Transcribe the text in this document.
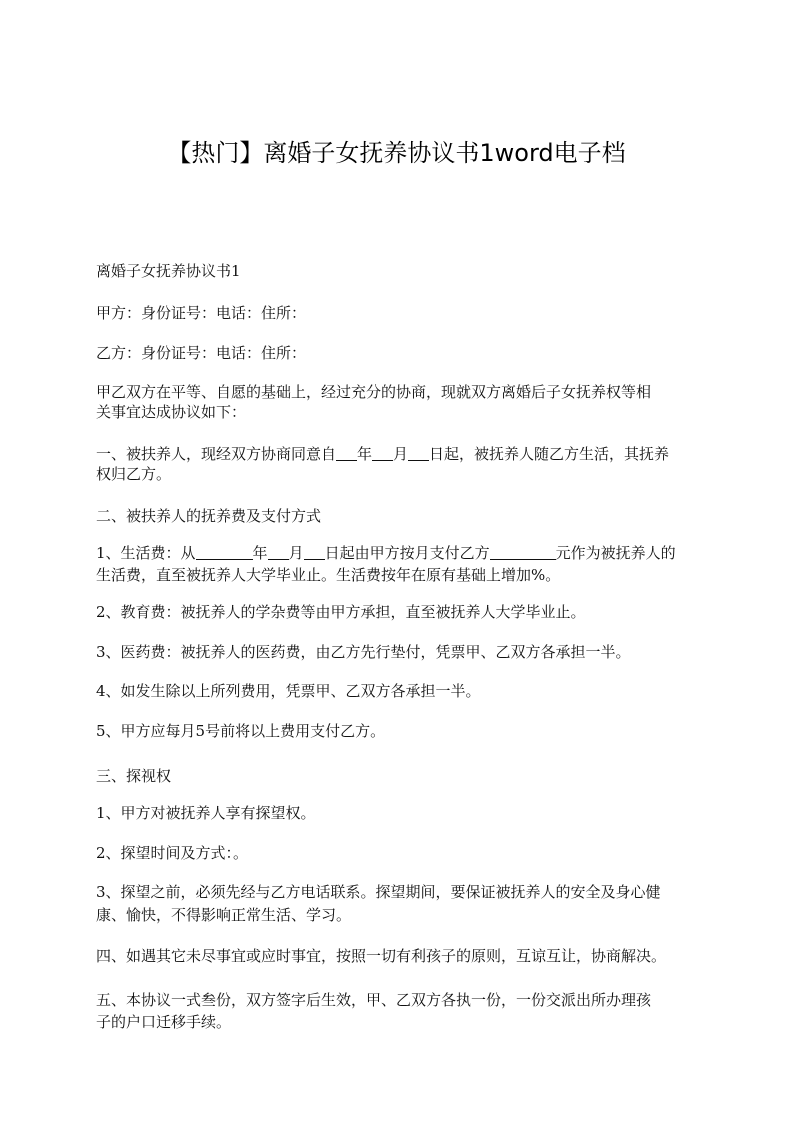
【热门】离婚子女抚养协议书1word电子档

离婚子女抚养协议书1

甲方：身份证号：电话：住所：

乙方：身份证号：电话：住所：

甲乙双方在平等、自愿的基础上，经过充分的协商，现就双方离婚后子女抚养权等相

关事宜达成协议如下：

一、被扶养人，现经双方协商同意自 年 月 日起，被抚养人随乙方生活，其抚养

权归乙方。

二、被扶养人的抚养费及支付方式

1、生活费：从	年 月 日起由甲方按月支付乙方	元作为被抚养人的

生活费，直至被抚养人大学毕业止。生活费按年在原有基础上增加%。

2、教育费：被抚养人的学杂费等由甲方承担，直至被抚养人大学毕业止。

3、医药费：被抚养人的医药费，由乙方先行垫付，凭票甲、乙双方各承担一半。

4、如发生除以上所列费用，凭票甲、乙双方各承担一半。

5、甲方应每月5号前将以上费用支付乙方。

三、探视权

1、甲方对被抚养人享有探望权。

2、探望时间及方式：。

3、探望之前，必须先经与乙方电话联系。探望期间，要保证被抚养人的安全及身心健

康、愉快，不得影响正常生活、学习。

四、如遇其它未尽事宜或应时事宜，按照一切有利孩子的原则，互谅互让，协商解决。

五、本协议一式叁份，双方签字后生效，甲、乙双方各执一份，一份交派出所办理孩

子的户口迁移手续。
